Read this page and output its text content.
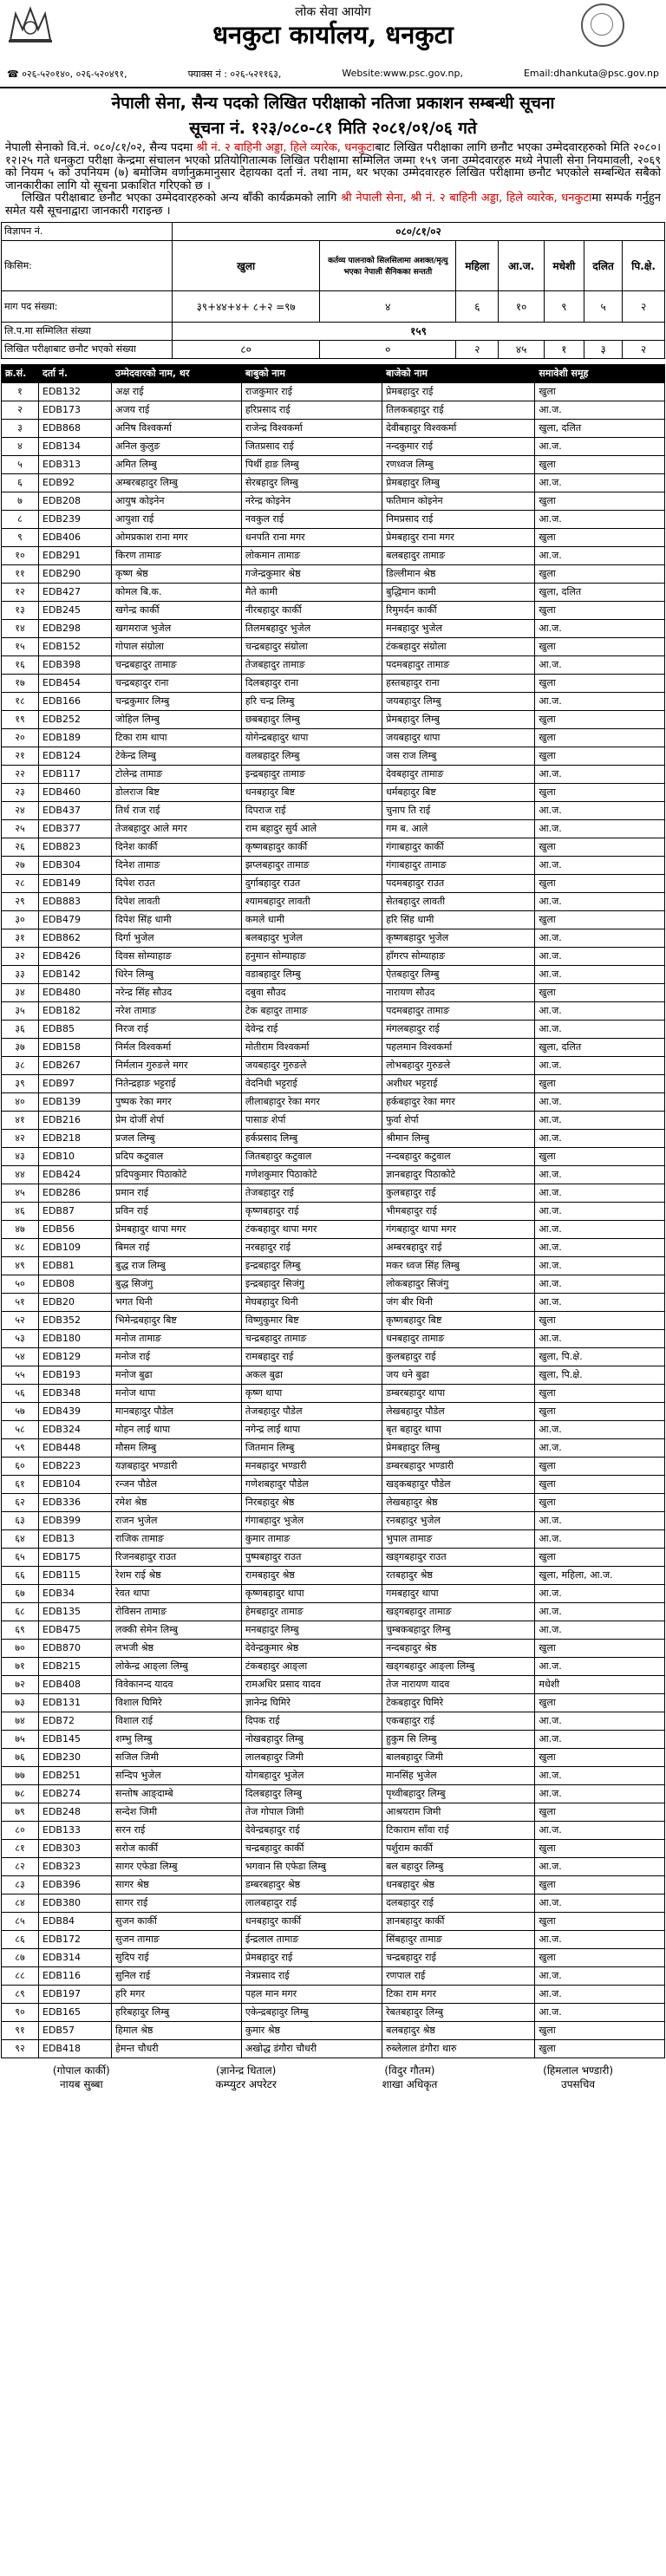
लोक सेवा आयोग
धनकुटा कार्यालय, धनकुटा
☎ ०२६-५२०१४०, ०२६-५२०४९१,	फ्याक्स नं : ०२६-५२११६३,	Website:www.psc.gov.np,	Email:dhankuta@psc.gov.np
नेपाली सेना, सैन्य पदको लिखित परीक्षाको नतिजा प्रकाशन सम्बन्धी सूचना
सूचना नं. १२३/०८०-८१ मिति २०८१/०१/०६ गते
नेपाली सेनाको वि.नं. ०८०/८१/०२, सैन्य पदमा श्री नं. २ बाहिनी अड्डा, हिले व्यारेक, धनकुटाबाट लिखित परीक्षाका लागि छनौट भएका उम्मेदवारहरुको मिति २०८०।१२।२५ गते धनकुटा परीक्षा केन्द्रमा संचालन भएको प्रतियोगितात्मक लिखित परीक्षामा सम्मिलित जम्मा १५९ जना उम्मेदवारहरु मध्ये नेपाली सेना नियमावली, २०६९ को नियम ५ को उपनियम (७) बमोजिम वर्णानुक्रमानुसार देहायका दर्ता नं. तथा नाम, थर भएका उम्मेदवारहरु लिखित परीक्षामा छनौट भएकोले सम्बन्धित सबैको जानकारीका लागि यो सूचना प्रकाशित गरिएको छ ।
लिखित परीक्षाबाट छनौट भएका उम्मेदवारहरुको अन्य बाँकी कार्यक्रमको लागि श्री नेपाली सेना, श्री नं. २ बाहिनी अड्डा, हिले व्यारेक, धनकुटामा सम्पर्क गर्नुहुन समेत यसै सूचनाद्वारा जानकारी गराइन्छ ।
विज्ञापन नं.	०८०/८१/०२						
किसिम:	खुला	कर्तव्य पालनाको सिलसिलामा अशक्त/मृत्यु भएका नेपाली सैनिकका सन्तती	महिला	आ.ज.	मधेशी	दलित	पि.क्षे.
माग पद संख्या:	३९+४४+४+ ८+२ =९७	४	६	१०	९	५	२
लि.प.मा सम्मिलित संख्या	१५९						
लिखित परीक्षाबाट छनौट भएको संख्या	८०	०	२	४५	१	३	२
क्र.सं.	दर्ता नं.	उम्मेदवारको नाम, थर	बाबुको नाम	बाजेको नाम	समावेशी समूह
१	EDB132	अक्ष राई	राजकुमार राई	प्रेमबहादुर राई	खुला
२	EDB173	अजय राई	हरिप्रसाद राई	तिलकबहादुर राई	आ.ज.
३	EDB868	अनिष विश्वकर्मा	राजेन्द्र विश्वकर्मा	देवीबहादुर विश्वकर्मा	खुला, दलित
४	EDB134	अनिल कुलुङ	जितप्रसाद राई	नन्दकुमार राई	आ.ज.
५	EDB313	अमित लिम्बु	पिर्थी हाङ लिम्बु	रणध्वज लिम्बु	खुला
६	EDB92	अम्बरबहादुर लिम्बु	सेरबहादुर लिम्बु	प्रेमबहादुर लिम्बु	आ.ज.
७	EDB208	आयुष कोइनेन	नरेन्द्र कोइनेन	फतिमान कोइनेन	खुला
८	EDB239	आयुशा राई	नवकुल राई	निमप्रसाद राई	आ.ज.
९	EDB406	ओमप्रकाश राना मगर	धनपति राना मगर	प्रेमबहादुर राना मगर	खुला
१०	EDB291	किरण तामाङ	लोकमान तामाङ	बलबहादुर तामाङ	आ.ज.
११	EDB290	कृष्ण श्रेष्ठ	गजेन्द्रकुमार श्रेष्ठ	डिल्लीमान श्रेष्ठ	खुला
१२	EDB427	कोमल बि.क.	मैते कामी	बुद्धिमान कामी	खुला, दलित
१३	EDB245	खगेन्द्र कार्की	नीरबहादुर कार्की	रिमुमर्दन कार्की	खुला
१४	EDB298	खगमराज भुजेल	तिलमबहादुर भुजेल	मनबहादुर भुजेल	आ.ज.
१५	EDB152	गोपाल संग्रोला	चन्द्रबहादुर संग्रोला	टंकबहादुर संग्रोला	खुला
१६	EDB398	चन्द्रबहादुर तामाङ	तेजबहादुर तामाङ	पदमबहादुर तामाङ	आ.ज.
१७	EDB454	चन्द्रबहादुर राना	दिलबहादुर राना	हस्तबहादुर राना	खुला
१८	EDB166	चन्द्रकुमार लिम्बु	हरि चन्द्र लिम्बु	जयबहादुर लिम्बु	आ.ज.
१९	EDB252	जोहिल लिम्बु	छबबहादुर लिम्बु	प्रेमबहादुर लिम्बु	खुला
२०	EDB189	टिका राम थापा	योगेन्द्रबहादुर थापा	जयबहादुर थापा	खुला
२१	EDB124	टेकेन्द्र लिम्बु	वलबहादुर लिम्बु	जस राज लिम्बु	खुला
२२	EDB117	टोलेन्द्र तामाङ	इन्द्रबहादुर तामाङ	देवबहादुर तामाङ	आ.ज.
२३	EDB460	डोलराज बिष्ट	धनबहादुर बिष्ट	धर्मबहादुर बिष्ट	खुला
२४	EDB437	तिर्थ राज राई	दिपराज राई	चुनाप ति राई	आ.ज.
२५	EDB377	तेजबहादुर आले मगर	राम बहादुर सुर्य आले	गम ब. आले	आ.ज.
२६	EDB823	दिनेश कार्की	कृष्णबहादुर कार्की	गंगाबहादुर कार्की	खुला
२७	EDB304	दिनेश तामाङ	झप्लबहादुर तामाङ	गंगाबहादुर तामाङ	आ.ज.
२८	EDB149	दिपेश राउत	दुर्गाबहादुर राउत	पदमबहादुर राउत	खुला
२९	EDB883	दिपेश लावती	श्यामबहादुर लावती	सेतबहादुर लावती	आ.ज.
३०	EDB479	दिपेश सिंह धामी	कमले धामी	हरि सिंह धामी	खुला
३१	EDB862	दिर्गा भुजेल	बलबहादुर भुजेल	कृष्णबहादुर भुजेल	आ.ज.
३२	EDB426	दिवस सोम्याहाङ	हनुमान सोम्याहाङ	हाँगरप सोम्याहाङ	आ.ज.
३३	EDB142	धिरेन लिम्बु	वडाबहादुर लिम्बु	ऐतबहादुर लिम्बु	आ.ज.
३४	EDB480	नरेन्द्र सिंह सौउद	दबुवा सौउद	नारायण सौउद	खुला
३५	EDB182	नरेश तामाङ	टेक बहादुर तामाङ	पदमबहादुर तामाङ	आ.ज.
३६	EDB85	निरज राई	देवेन्द्र राई	मंगलबहादुर राई	आ.ज.
३७	EDB158	निर्मल विश्वकर्मा	मोतीराम विश्वकर्मा	पहलमान विश्वकर्मा	खुला, दलित
३८	EDB267	निर्मलान गुरुङले मगर	जयबहादुर गुरुङले	लोभबहादुर गुरुङले	आ.ज.
३९	EDB97	नितेन्द्रहाङ भट्टराई	वेदनिधी भट्टराई	अशीधर भट्टराई	खुला
४०	EDB139	पुष्पक रेका मगर	लीलाबहादुर रेका मगर	हर्कबहादुर रेका मगर	आ.ज.
४१	EDB216	प्रेम दोर्जी शेर्पा	पासाङ शेर्पा	फुर्वा शेर्पा	आ.ज.
४२	EDB218	प्रजल लिम्बु	हर्कप्रसाद लिम्बु	श्रीमान लिम्बु	आ.ज.
४३	EDB10	प्रदिप कटुवाल	जितबहादुर कटुवाल	नन्दबहादुर कटुवाल	खुला
४४	EDB424	प्रदिपकुमार पिठाकोटे	गणेशकुमार पिठाकोटे	ज्ञानबहादुर पिठाकोटे	आ.ज.
४५	EDB286	प्रमान राई	तेजबहादुर राई	कुलबहादुर राई	आ.ज.
४६	EDB87	प्रविन राई	कृष्णबहादुर राई	भीमबहादुर राई	आ.ज.
४७	EDB56	प्रेमबहादुर थापा मगर	टंकबहादुर थापा मगर	गंगबहादुर थापा मगर	आ.ज.
४८	EDB109	बिमल राई	नरबहादुर राई	अम्बरबहादुर राई	आ.ज.
४९	EDB81	बुद्ध राज लिम्बु	इन्द्रबहादुर लिम्बु	मकर ध्वज सिंह लिम्बु	आ.ज.
५०	EDB08	बुद्ध सिजंगु	इन्द्रबहादुर सिजंगु	लोकबहादुर सिजंगु	आ.ज.
५१	EDB20	भगत थिनी	मेघबहादुर थिनी	जंग बीर थिनी	आ.ज.
५२	EDB352	भिमेन्द्रबहादुर बिष्ट	विष्णुकुमार बिष्ट	कृष्णबहादुर बिष्ट	खुला
५३	EDB180	मनोज तामाङ	चन्द्रबहादुर तामाङ	धनबहादुर तामाङ	आ.ज.
५४	EDB129	मनोज राई	रामबहादुर राई	कुलबहादुर राई	खुला, पि.क्षे.
५५	EDB193	मनोज बुढा	अकल बुढा	जय धने बुढा	खुला, पि.क्षे.
५६	EDB348	मनोज थापा	कृष्ण थापा	डम्बरबहादुर थापा	खुला
५७	EDB439	मानबहादुर पौडेल	तेजबहादुर पौडेल	लेखबहादुर पौडेल	खुला
५८	EDB324	मोहन लाई थापा	नगेन्द्र लाई थापा	बृत बहादुर थापा	आ.ज.
५९	EDB448	मौसम लिम्बु	जितमान लिम्बु	प्रेमबहादुर लिम्बु	आ.ज.
६०	EDB223	यज्ञबहादुर भण्डारी	मनबहादुर भण्डारी	डम्बरबहादुर भण्डारी	खुला
६१	EDB104	रन्जन पौडेल	गणेशबहादुर पौडेल	खड्कबहादुर पौडेल	खुला
६२	EDB336	रमेश श्रेष्ठ	निरबहादुर श्रेष्ठ	लेखबहादुर श्रेष्ठ	खुला
६३	EDB399	राजन भुजेल	गंगाबहादुर भुजेल	रनबहादुर भुजेल	आ.ज.
६४	EDB13	राजिक तामाङ	कुमार तामाङ	भुपाल तामाङ	आ.ज.
६५	EDB175	रिजनबहादुर राउत	पुष्पबहादुर राउत	खड्गबहादुर राउत	खुला
६६	EDB115	रेशम राई श्रेष्ठ	रामबहादुर श्रेष्ठ	रतबहादुर श्रेष्ठ	खुला, महिला, आ.ज.
६७	EDB34	रेवत थापा	कृष्णबहादुर थापा	गमबहादुर थापा	आ.ज.
६८	EDB135	रोविसन तामाङ	हेमबहादुर तामाङ	खड्गबहादुर तामाङ	आ.ज.
६९	EDB475	लक्की सेमेन लिम्बु	मनबहादुर लिम्बु	चुम्बकबहादुर लिम्बु	आ.ज.
७०	EDB870	लभजी श्रेष्ठ	देवेन्द्रकुमार श्रेष्ठ	नन्दबहादुर श्रेष्ठ	खुला
७१	EDB215	लोकेन्द्र आङ्ला लिम्बु	टंकबहादुर आङ्ला	खड्गबहादुर आङ्ला लिम्बु	आ.ज.
७२	EDB408	विवेकानन्द यादव	रामअधिर प्रसाद यादव	तेज नारायण यादव	मधेशी
७३	EDB131	विशाल घिमिरे	ज्ञानेन्द्र घिमिरे	टेकबहादुर घिमिरे	खुला
७४	EDB72	विशाल राई	दिपक राई	एकबहादुर राई	आ.ज.
७५	EDB145	शम्भु लिम्बु	नोखबहादुर लिम्बु	हुकुम सि लिम्बु	आ.ज.
७६	EDB230	सजिल जिमी	लालबहादुर जिमी	बालबहादुर जिमी	खुला
७७	EDB251	सन्दिप भुजेल	योगबहादुर भुजेल	मानसिंह भुजेल	आ.ज.
७८	EDB274	सन्तोष आङ्दाम्बे	दिलबहादुर लिम्बु	पृथ्वीबहादुर लिम्बु	आ.ज.
७९	EDB248	सन्देश जिमी	तेज गोपाल जिमी	आश्रयराम जिमी	खुला
८०	EDB133	सरन राई	देवेन्द्रबहादुर राई	टिकाराम साँवा राई	आ.ज.
८१	EDB303	सरोज कार्की	चन्द्रबहादुर कार्की	पर्शुराम कार्की	खुला
८२	EDB323	सागर एफेडा लिम्बु	भगवान सि एफेडा लिम्बु	बल बहादुर लिम्बु	आ.ज.
८३	EDB396	सागर श्रेष्ठ	डम्बरबहादुर श्रेष्ठ	धनबहादुर श्रेष्ठ	खुला
८४	EDB380	सागर राई	लालबहादुर राई	दलबहादुर राई	आ.ज.
८५	EDB84	सुजन कार्की	धनबहादुर कार्की	ज्ञानबहादुर कार्की	खुला
८६	EDB172	सुजन तामाङ	ईन्द्रलाल तामाङ	सिंबहादुर तामाङ	आ.ज.
८७	EDB314	सुदिप राई	प्रेमबहादुर राई	चन्द्रबहादुर राई	खुला
८८	EDB116	सुनिल राई	नेत्रप्रसाद राई	रणपाल राई	आ.ज.
८९	EDB197	हरि मगर	पहल मान मगर	टिका राम मगर	आ.ज.
९०	EDB165	हरिबहादुर लिम्बु	एकेन्द्रबहादुर लिम्बु	रेबतबहादुर लिम्बु	आ.ज.
९१	EDB57	हिमाल श्रेष्ठ	कुमार श्रेष्ठ	बलबहादुर श्रेष्ठ	खुला
९२	EDB418	हेमन्त चौधरी	अखोद्ध डंगौरा चौधरी	रुब्लेलाल डंगौरा थारु	खुला
(गोपाल कार्की)
नायब सुब्बा
(ज्ञानेन्द्र धिताल)
कम्प्युटर अपरेटर
(विदुर गौतम)
शाखा अधिकृत
(हिमलाल भण्डारी)
उपसचिव
